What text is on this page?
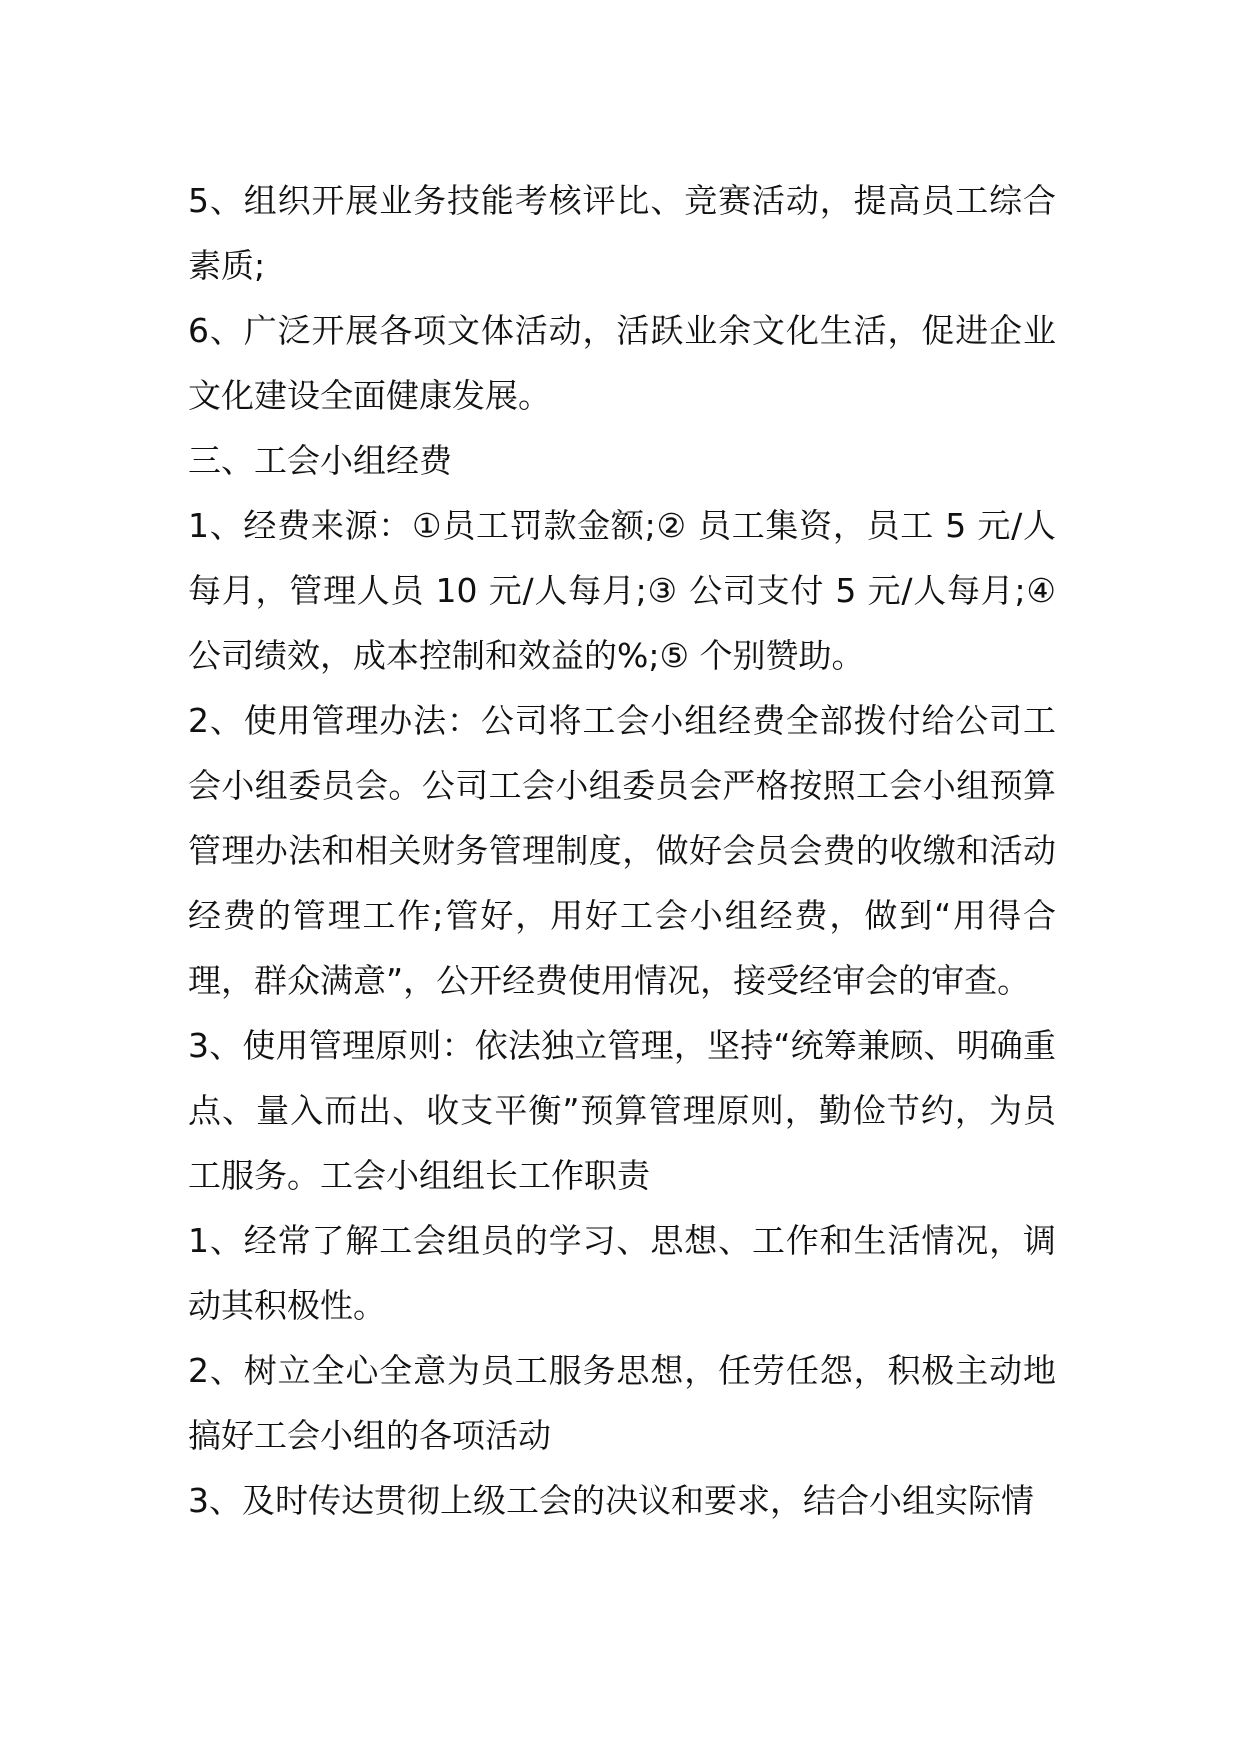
5、组织开展业务技能考核评比、竞赛活动，提高员工综合素质;

6、广泛开展各项文体活动，活跃业余文化生活，促进企业文化建设全面健康发展。

三、工会小组经费

1、经费来源：①员工罚款金额;② 员工集资，员工 5 元/人每月，管理人员 10 元/人每月;③ 公司支付 5 元/人每月;④ 公司绩效，成本控制和效益的%;⑤ 个别赞助。

2、使用管理办法：公司将工会小组经费全部拨付给公司工会小组委员会。公司工会小组委员会严格按照工会小组预算管理办法和相关财务管理制度，做好会员会费的收缴和活动经费的管理工作;管好，用好工会小组经费，做到“用得合理，群众满意”，公开经费使用情况，接受经审会的审查。

3、使用管理原则：依法独立管理，坚持“统筹兼顾、明确重点、量入而出、收支平衡”预算管理原则，勤俭节约，为员工服务。工会小组组长工作职责

1、经常了解工会组员的学习、思想、工作和生活情况，调动其积极性。

2、树立全心全意为员工服务思想，任劳任怨，积极主动地搞好工会小组的各项活动

3、及时传达贯彻上级工会的决议和要求，结合小组实际情
